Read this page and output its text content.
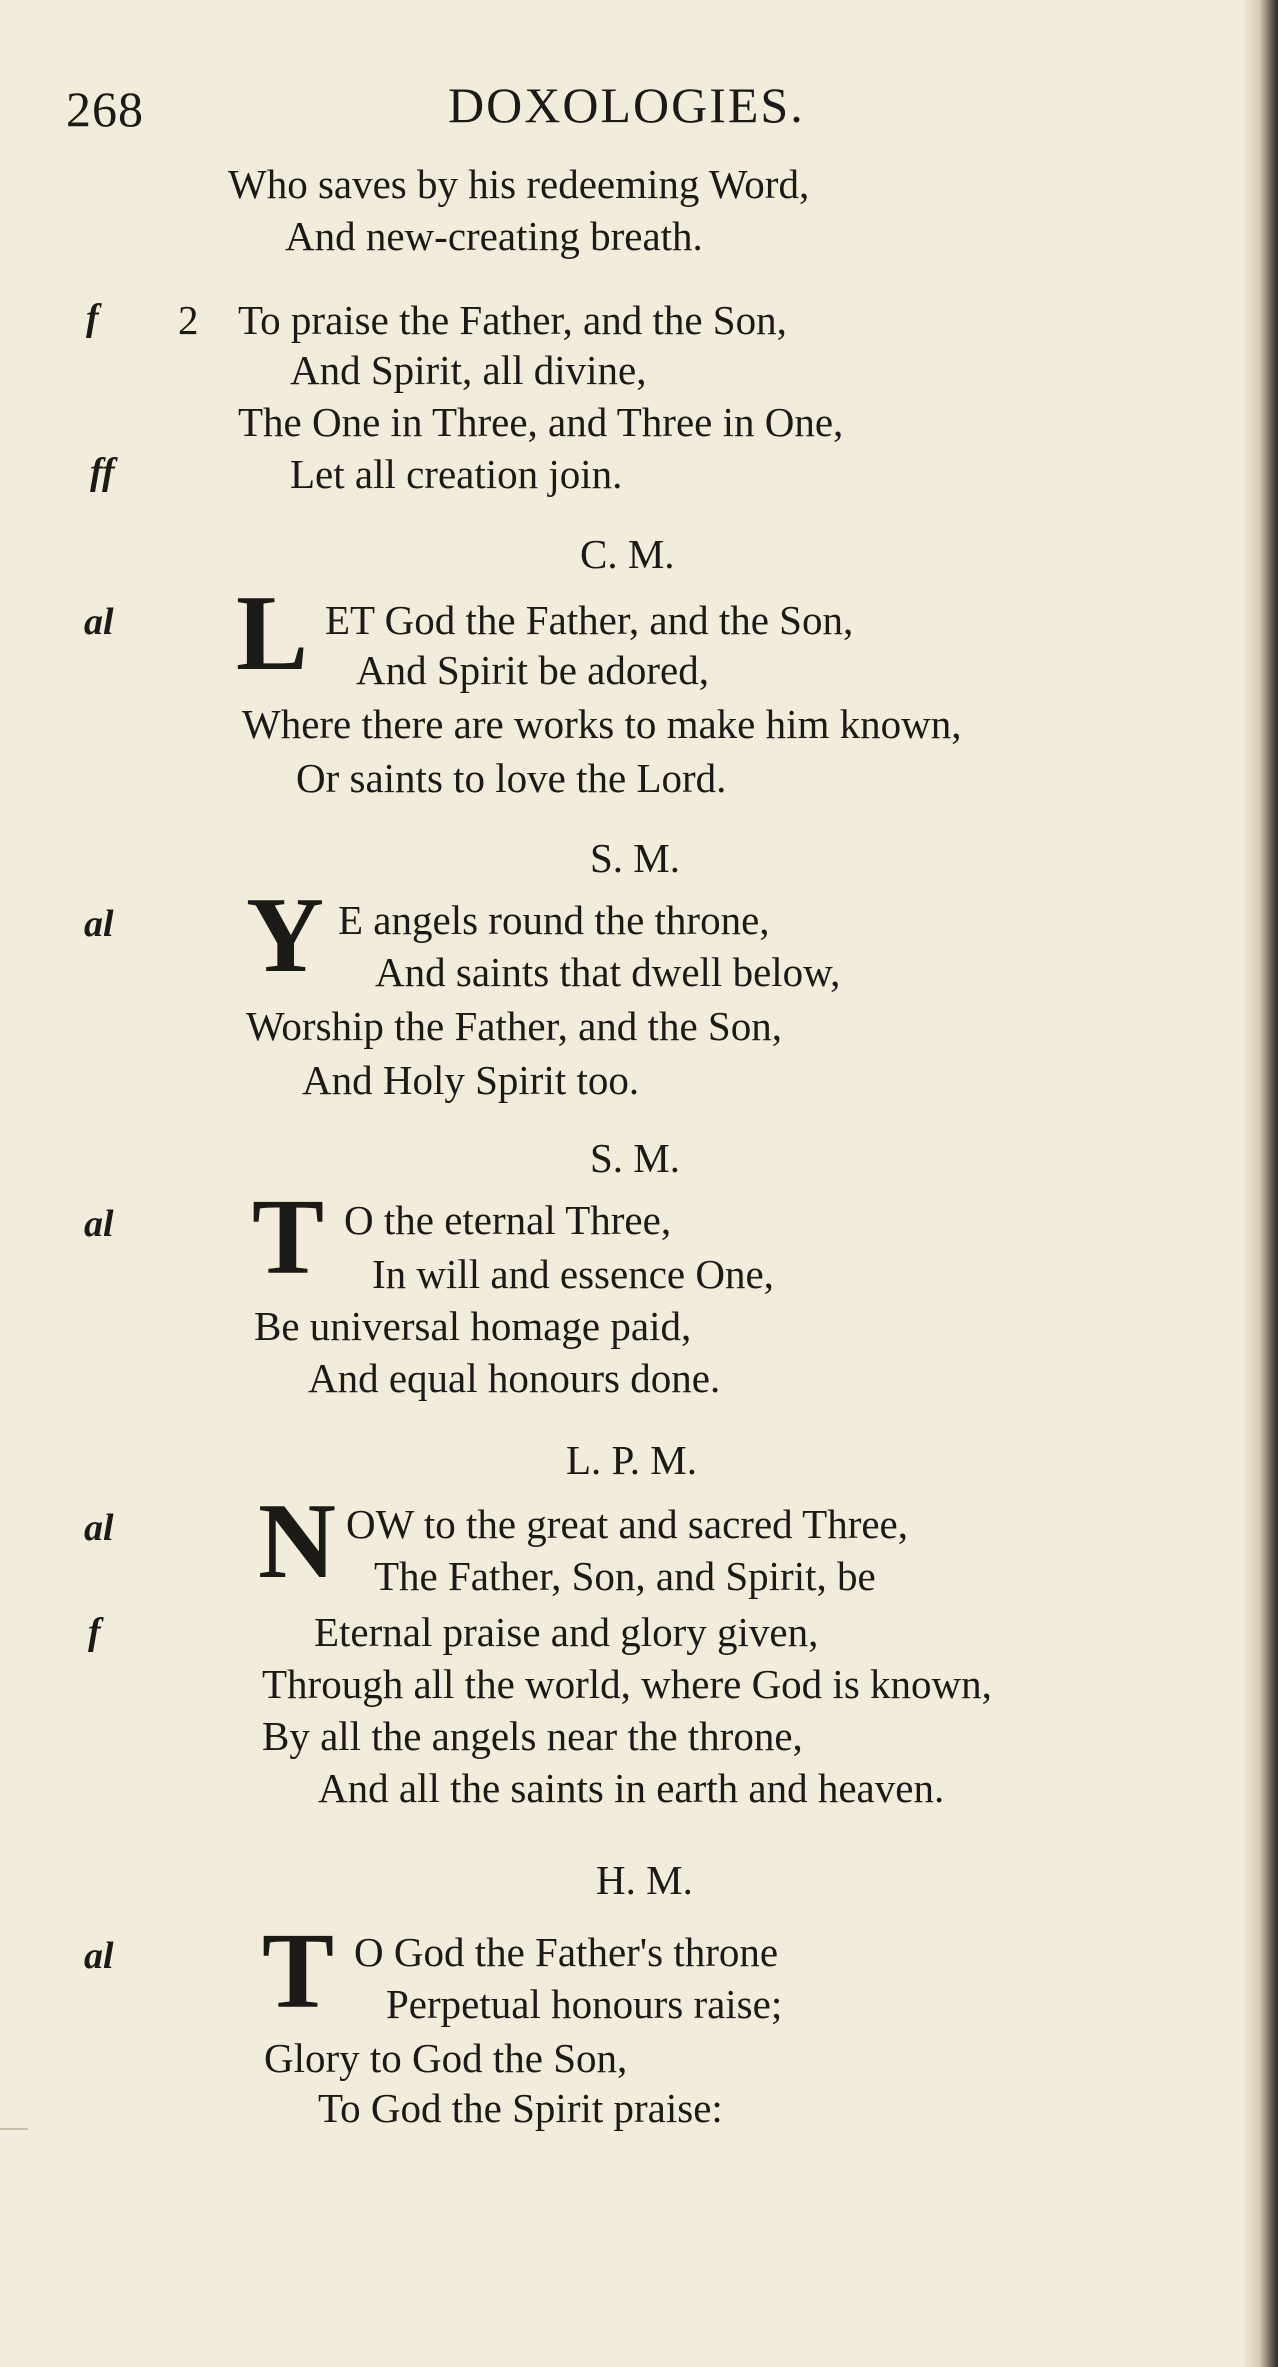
268	DOXOLOGIES.
Who saves by his redeeming Word,
And new-creating breath.
f 2 To praise the Father, and the Son,
And Spirit, all divine,
The One in Three, and Three in One,
ff	Let all creation join.
C. M.
al L ET God the Father, and the Son,
And Spirit be adored,
Where there are works to make him known,
Or saints to love the Lord.
S. M.
al Y E angels round the throne,
And saints that dwell below,
Worship the Father, and the Son,
And Holy Spirit too.
S. M.
al T O the eternal Three,
In will and essence One,
Be universal homage paid,
And equal honours done.
L. P. M.
al N OW to the great and sacred Three,
The Father, Son, and Spirit, be
f	Eternal praise and glory given,
Through all the world, where God is known,
By all the angels near the throne,
And all the saints in earth and heaven.
H. M.
al T O God the Father's throne
Perpetual honours raise;
Glory to God the Son,
To God the Spirit praise:
